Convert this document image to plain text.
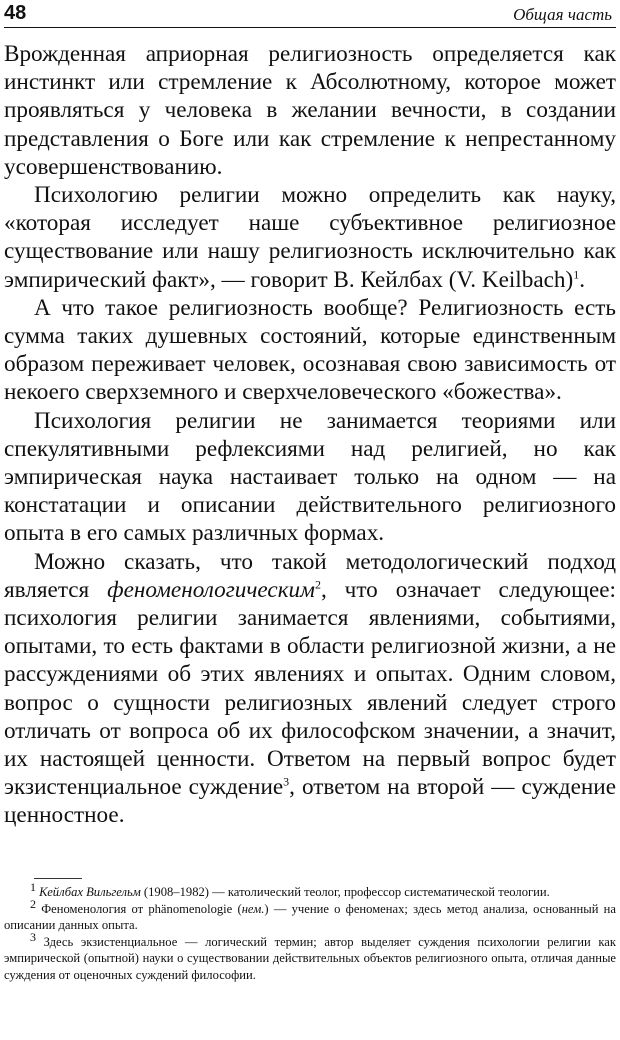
48	Общая часть

Врожденная априорная религиозность определяется как инстинкт или стремление к Абсолютному, которое может проявляться у человека в желании вечности, в создании представления о Боге или как стремление к непрестанному усовершенствованию.

Психологию религии можно определить как науку, «которая исследует наше субъективное религиозное существование или нашу религиозность исключительно как эмпирический факт», — говорит В. Кейлбах (V. Keilbach)$^1$.

А что такое религиозность вообще? Религиозность есть сумма таких душевных состояний, которые единственным образом переживает человек, осознавая свою зависимость от некоего сверхземного и сверхчеловеческого «божества».

Психология религии не занимается теориями или спекулятивными рефлексиями над религией, но как эмпирическая наука настаивает только на одном — на констатации и описании действительного религиозного опыта в его самых различных формах.

Можно сказать, что такой методологический подход является феноменологическим$^2$, что означает следующее: психология религии занимается явлениями, событиями, опытами, то есть фактами в области религиозной жизни, а не рассуждениями об этих явлениях и опытах. Одним словом, вопрос о сущности религиозных явлений следует строго отличать от вопроса об их философском значении, а значит, их настоящей ценности. Ответом на первый вопрос будет экзистенциальное суждение$^3$, ответом на второй — суждение ценностное.

$^1$ Кейлбах Вильгельм (1908–1982) — католический теолог, профессор систематической теологии.

$^2$ Феноменология от phänomenologie (нем.) — учение о феноменах; здесь метод анализа, основанный на описании данных опыта.

$^3$ Здесь экзистенциальное — логический термин; автор выделяет суждения психологии религии как эмпирической (опытной) науки о существовании действительных объектов религиозного опыта, отличая данные суждения от оценочных суждений философии.
